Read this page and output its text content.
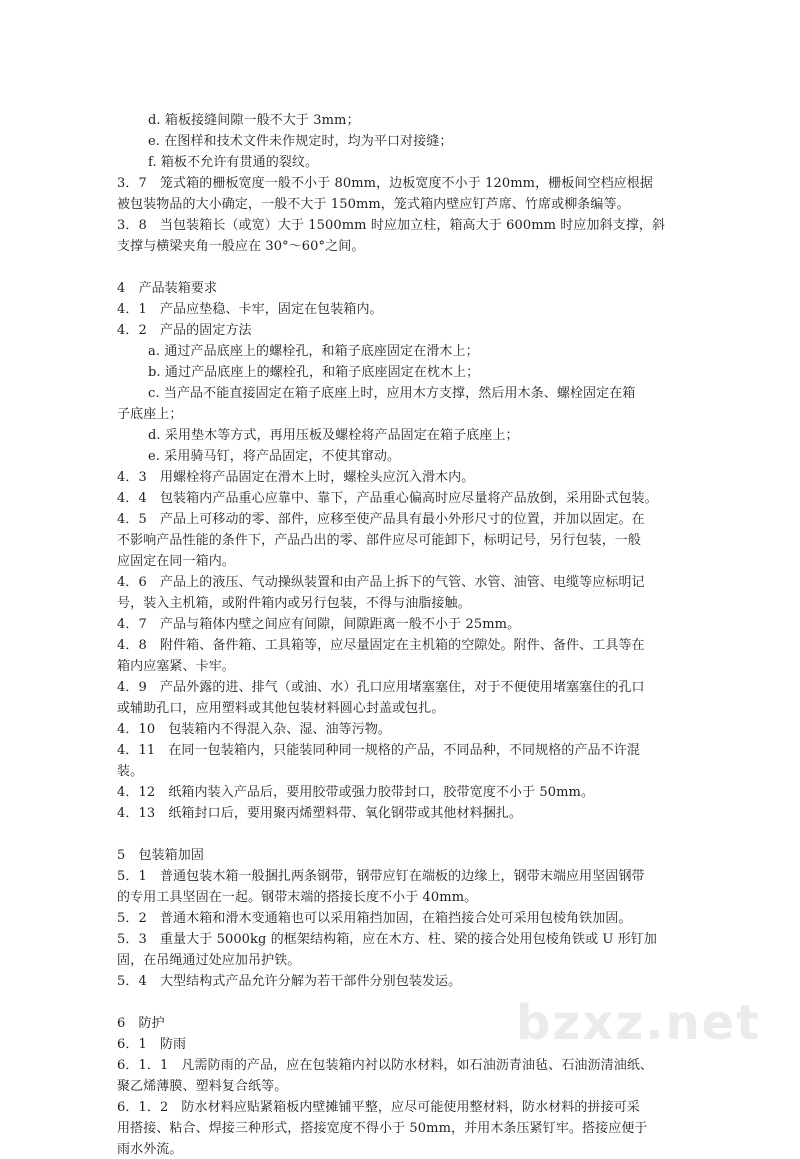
d. 箱板接缝间隙一般不大于 3mm；
e. 在图样和技术文件未作规定时，均为平口对接缝；
f. 箱板不允许有贯通的裂纹。
3．7　笼式箱的栅板宽度一般不小于 80mm，边板宽度不小于 120mm，栅板间空档应根据
被包装物品的大小确定，一般不大于 150mm，笼式箱内壁应钉芦席、竹席或柳条编等。
3．8　当包装箱长（或宽）大于 1500mm 时应加立柱，箱高大于 600mm 时应加斜支撑，斜
支撑与横梁夹角一般应在 30°～60°之间。
4　产品装箱要求
4．1　产品应垫稳、卡牢，固定在包装箱内。
4．2　产品的固定方法
a. 通过产品底座上的螺栓孔，和箱子底座固定在滑木上；
b. 通过产品底座上的螺栓孔，和箱子底座固定在枕木上；
c. 当产品不能直接固定在箱子底座上时，应用木方支撑，然后用木条、螺栓固定在箱
子底座上；
d. 采用垫木等方式，再用压板及螺栓将产品固定在箱子底座上；
e. 采用骑马钉，将产品固定，不使其窜动。
4．3　用螺栓将产品固定在滑木上时，螺栓头应沉入滑木内。
4．4　包装箱内产品重心应靠中、靠下，产品重心偏高时应尽量将产品放倒，采用卧式包装。
4．5　产品上可移动的零、部件，应移至使产品具有最小外形尺寸的位置，并加以固定。在
不影响产品性能的条件下，产品凸出的零、部件应尽可能卸下，标明记号，另行包装，一般
应固定在同一箱内。
4．6　产品上的液压、气动操纵装置和由产品上拆下的气管、水管、油管、电缆等应标明记
号，装入主机箱，或附件箱内或另行包装，不得与油脂接触。
4．7　产品与箱体内壁之间应有间隙，间隙距离一般不小于 25mm。
4．8　附件箱、备件箱、工具箱等，应尽量固定在主机箱的空隙处。附件、备件、工具等在
箱内应塞紧、卡牢。
4．9　产品外露的进、排气（或油、水）孔口应用堵塞塞住，对于不便使用堵塞塞住的孔口
或辅助孔口，应用塑料或其他包装材料圆心封盖或包扎。
4．10　包装箱内不得混入杂、湿、油等污物。
4．11　在同一包装箱内，只能装同种同一规格的产品，不同品种，不同规格的产品不许混
装。
4．12　纸箱内装入产品后，要用胶带或强力胶带封口，胶带宽度不小于 50mm。
4．13　纸箱封口后，要用聚丙烯塑料带、氧化钢带或其他材料捆扎。
5　包装箱加固
5．1　普通包装木箱一般捆扎两条钢带，钢带应钉在端板的边缘上，钢带末端应用坚固钢带
的专用工具坚固在一起。钢带末端的搭接长度不小于 40mm。
5．2　普通木箱和滑木变通箱也可以采用箱挡加固，在箱挡接合处可采用包棱角铁加固。
5．3　重量大于 5000kg 的框架结构箱，应在木方、柱、梁的接合处用包棱角铁或 U 形钉加
固，在吊绳通过处应加吊护铁。
5．4　大型结构式产品允许分解为若干部件分别包装发运。
6　防护
6．1　防雨
6．1．1　凡需防雨的产品，应在包装箱内衬以防水材料，如石油沥青油毡、石油沥清油纸、
聚乙烯薄膜、塑料复合纸等。
6．1．2　防水材料应贴紧箱板内壁摊铺平整，应尽可能使用整材料，防水材料的拼接可采
用搭接、粘合、焊接三种形式，搭接宽度不得小于 50mm，并用木条压紧钉牢。搭接应便于
雨水外流。
bzxz.net
